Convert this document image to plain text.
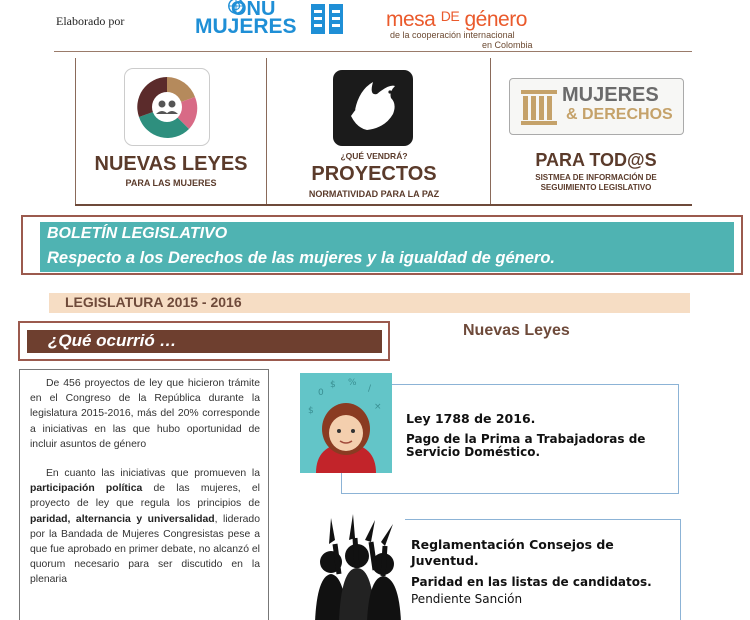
Elaborado por
ONU
MUJERES	mesa $^{DE}$ género
de la cooperación internacional
en Colombia
NUEVAS LEYES
PARA LAS MUJERES
¿QUÉ VENDRÁ?
PROYECTOS
NORMATIVIDAD PARA LA PAZ
MUJERES
& DERECHOS
PARA TOD@S
SISTMEA DE INFORMACIÓN DE
SEGUIMIENTO LEGISLATIVO
BOLETÍN LEGISLATIVO
Respecto a los Derechos de las mujeres y la igualdad de género.
LEGISLATURA 2015 - 2016
¿Qué ocurrió …
Nuevas Leyes

De 456 proyectos de ley que hicieron trámite en el Congreso de la República durante la legislatura 2015-2016, más del 20% corresponde a iniciativas en las que hubo oportunidad de incluir asuntos de género

En cuanto las iniciativas que promueven la participación política de las mujeres, el proyecto de ley que regula los principios de paridad, alternancia y universalidad, liderado por la Bandada de Mujeres Congresistas pese a que fue aprobado en primer debate, no alcanzó el quorum necesario para ser discutido en la plenaria

0
$ %
/
$	×
Ley 1788 de 2016.
Pago de la Prima a Trabajadoras de
Servicio Doméstico.
Reglamentación Consejos de
Juventud.
Paridad en las listas de candidatos.
Pendiente Sanción
